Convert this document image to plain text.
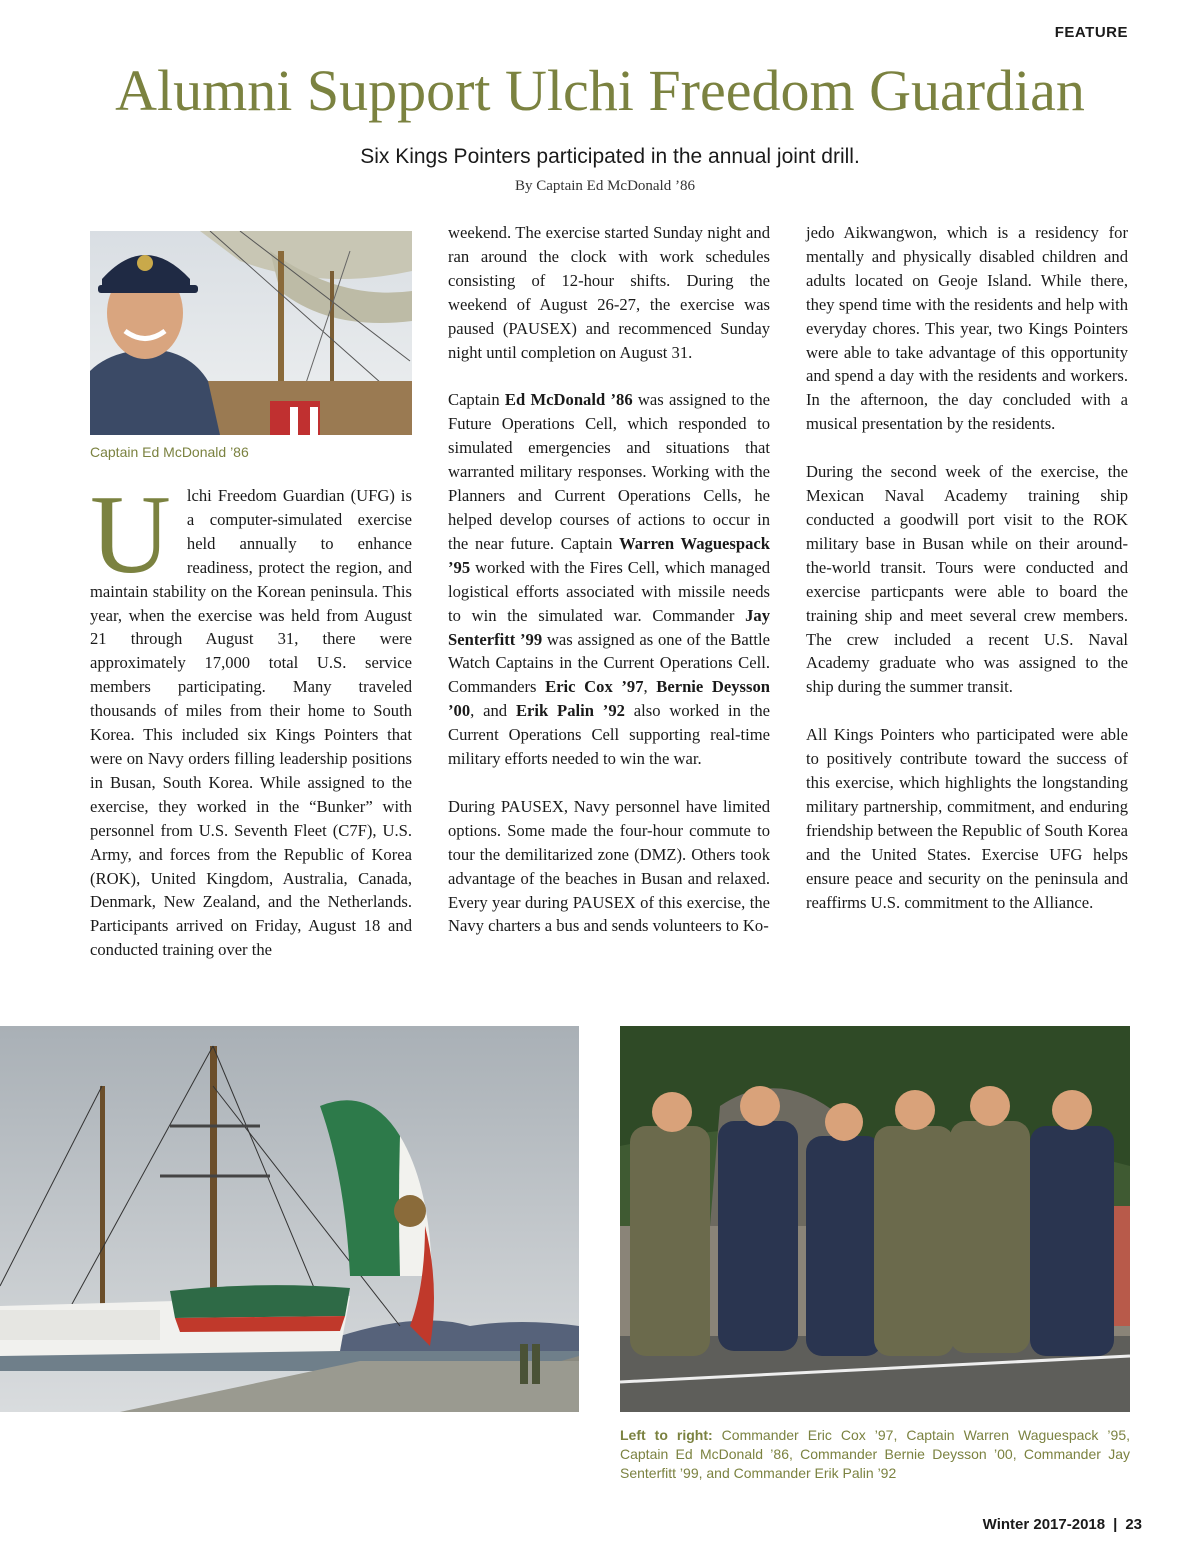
FEATURE
Alumni Support Ulchi Freedom Guardian
Six Kings Pointers participated in the annual joint drill.
By Captain Ed McDonald ’86
Captain Ed McDonald ’86

Ulchi Freedom Guardian (UFG) is a computer-simulated exercise held annually to enhance readiness, protect the region, and maintain stability on the Korean peninsula. This year, when the exercise was held from August 21 through August 31, there were approximately 17,000 total U.S. service members participating. Many traveled thousands of miles from their home to South Korea. This included six Kings Pointers that were on Navy orders filling leadership positions in Busan, South Korea. While assigned to the exercise, they worked in the “Bunker” with personnel from U.S. Seventh Fleet (C7F), U.S. Army, and forces from the Republic of Korea (ROK), United Kingdom, Australia, Canada, Denmark, New Zealand, and the Netherlands. Participants arrived on Friday, August 18 and conducted training over the

weekend. The exercise started Sunday night and ran around the clock with work schedules consisting of 12-hour shifts. During the weekend of August 26-27, the exercise was paused (PAUSEX) and recommenced Sunday night until completion on August 31.

Captain Ed McDonald ’86 was assigned to the Future Operations Cell, which responded to simulated emergencies and situations that warranted military responses. Working with the Planners and Current Operations Cells, he helped develop courses of actions to occur in the near future. Captain Warren Waguespack ’95 worked with the Fires Cell, which managed logistical efforts associated with missile needs to win the simulated war. Commander Jay Senterfitt ’99 was assigned as one of the Battle Watch Captains in the Current Operations Cell. Commanders Eric Cox ’97, Bernie Deysson ’00, and Erik Palin ’92 also worked in the Current Operations Cell supporting real-time military efforts needed to win the war.

During PAUSEX, Navy personnel have limited options. Some made the four-hour commute to tour the demilitarized zone (DMZ). Others took advantage of the beaches in Busan and relaxed. Every year during PAUSEX of this exercise, the Navy charters a bus and sends volunteers to Ko-

jedo Aikwangwon, which is a residency for mentally and physically disabled children and adults located on Geoje Island. While there, they spend time with the residents and help with everyday chores. This year, two Kings Pointers were able to take advantage of this opportunity and spend a day with the residents and workers. In the afternoon, the day concluded with a musical presentation by the residents.

During the second week of the exercise, the Mexican Naval Academy training ship conducted a goodwill port visit to the ROK military base in Busan while on their around-the-world transit. Tours were conducted and exercise particpants were able to board the training ship and meet several crew members. The crew included a recent U.S. Naval Academy graduate who was assigned to the ship during the summer transit.

All Kings Pointers who participated were able to positively contribute toward the success of this exercise, which highlights the longstanding military partnership, commitment, and enduring friendship between the Republic of South Korea and the United States. Exercise UFG helps ensure peace and security on the peninsula and reaffirms U.S. commitment to the Alliance.

Left to right: Commander Eric Cox ’97, Captain Warren Waguespack ’95, Captain Ed McDonald ’86, Commander Bernie Deysson ’00, Commander Jay Senterfitt ’99, and Commander Erik Palin ’92
Winter 2017-2018 | 23
